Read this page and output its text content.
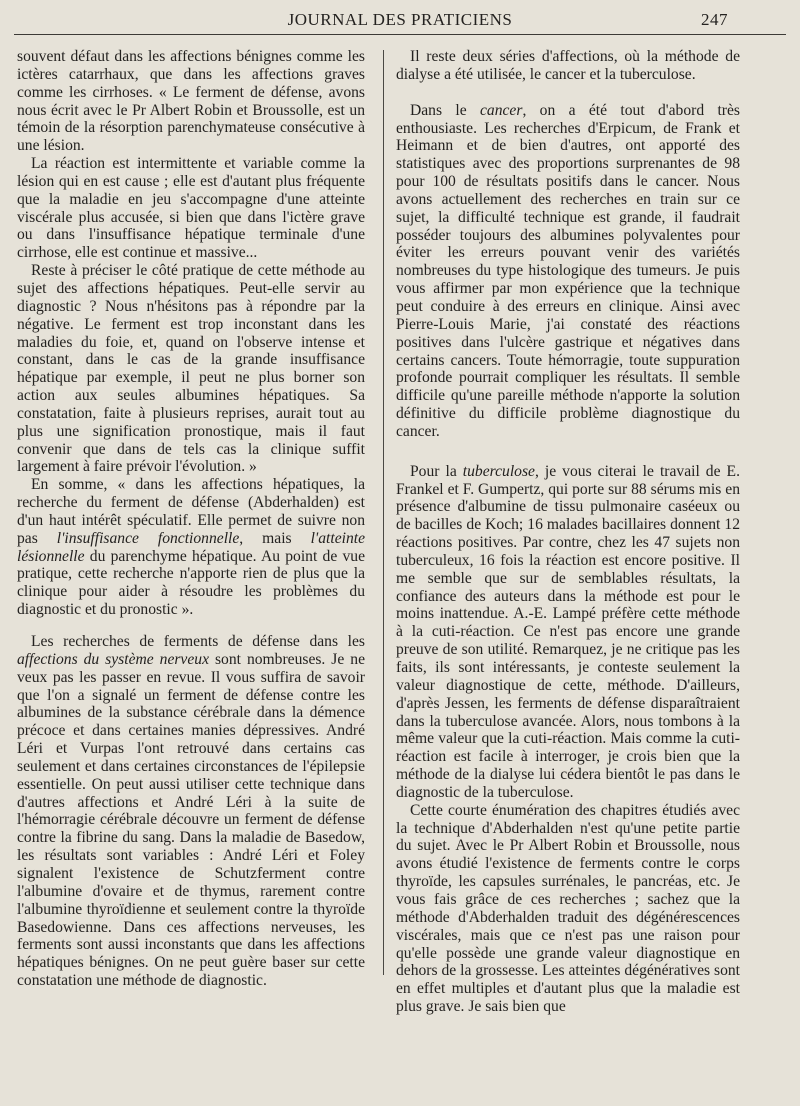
JOURNAL DES PRATICIENS	247

souvent défaut dans les affections bénignes comme les ictères catarrhaux, que dans les affections graves comme les cirrhoses. « Le ferment de défense, avons nous écrit avec le Pr Albert Robin et Broussolle, est un témoin de la résorption parenchymateuse consécutive à une lésion.

La réaction est intermittente et variable comme la lésion qui en est cause ; elle est d'autant plus fréquente que la maladie en jeu s'accompagne d'une atteinte viscérale plus accusée, si bien que dans l'ictère grave ou dans l'insuffisance hépatique terminale d'une cirrhose, elle est continue et massive...

Reste à préciser le côté pratique de cette méthode au sujet des affections hépatiques. Peut-elle servir au diagnostic ? Nous n'hésitons pas à répondre par la négative. Le ferment est trop inconstant dans les maladies du foie, et, quand on l'observe intense et constant, dans le cas de la grande insuffisance hépatique par exemple, il peut ne plus borner son action aux seules albumines hépatiques. Sa constatation, faite à plusieurs reprises, aurait tout au plus une signification pronostique, mais il faut convenir que dans de tels cas la clinique suffit largement à faire prévoir l'évolution. »

En somme, « dans les affections hépatiques, la recherche du ferment de défense (Abderhalden) est d'un haut intérêt spéculatif. Elle permet de suivre non pas l'insuffisance fonctionnelle, mais l'atteinte lésionnelle du parenchyme hépatique. Au point de vue pratique, cette recherche n'apporte rien de plus que la clinique pour aider à résoudre les problèmes du diagnostic et du pronostic ».

Les recherches de ferments de défense dans les affections du système nerveux sont nombreuses. Je ne veux pas les passer en revue. Il vous suffira de savoir que l'on a signalé un ferment de défense contre les albumines de la substance cérébrale dans la démence précoce et dans certaines manies dépressives. André Léri et Vurpas l'ont retrouvé dans certains cas seulement et dans certaines circonstances de l'épilepsie essentielle. On peut aussi utiliser cette technique dans d'autres affections et André Léri à la suite de l'hémorragie cérébrale découvre un ferment de défense contre la fibrine du sang. Dans la maladie de Basedow, les résultats sont variables : André Léri et Foley signalent l'existence de Schutzferment contre l'albumine d'ovaire et de thymus, rarement contre l'albumine thyroïdienne et seulement contre la thyroïde Basedowienne. Dans ces affections nerveuses, les ferments sont aussi inconstants que dans les affections hépatiques bénignes. On ne peut guère baser sur cette constatation une méthode de diagnostic.

Il reste deux séries d'affections, où la méthode de dialyse a été utilisée, le cancer et la tuberculose.

Dans le cancer, on a été tout d'abord très enthousiaste. Les recherches d'Erpicum, de Frank et Heimann et de bien d'autres, ont apporté des statistiques avec des proportions surprenantes de 98 pour 100 de résultats positifs dans le cancer. Nous avons actuellement des recherches en train sur ce sujet, la difficulté technique est grande, il faudrait posséder toujours des albumines polyvalentes pour éviter les erreurs pouvant venir des variétés nombreuses du type histologique des tumeurs. Je puis vous affirmer par mon expérience que la technique peut conduire à des erreurs en clinique. Ainsi avec Pierre-Louis Marie, j'ai constaté des réactions positives dans l'ulcère gastrique et négatives dans certains cancers. Toute hémorragie, toute suppuration profonde pourrait compliquer les résultats. Il semble difficile qu'une pareille méthode n'apporte la solution définitive du difficile problème diagnostique du cancer.

Pour la tuberculose, je vous citerai le travail de E. Frankel et F. Gumpertz, qui porte sur 88 sérums mis en présence d'albumine de tissu pulmonaire caséeux ou de bacilles de Koch; 16 malades bacillaires donnent 12 réactions positives. Par contre, chez les 47 sujets non tuberculeux, 16 fois la réaction est encore positive. Il me semble que sur de semblables résultats, la confiance des auteurs dans la méthode est pour le moins inattendue. A.-E. Lampé préfère cette méthode à la cuti-réaction. Ce n'est pas encore une grande preuve de son utilité. Remarquez, je ne critique pas les faits, ils sont intéressants, je conteste seulement la valeur diagnostique de cette, méthode. D'ailleurs, d'après Jessen, les ferments de défense disparaîtraient dans la tuberculose avancée. Alors, nous tombons à la même valeur que la cuti-réaction. Mais comme la cuti-réaction est facile à interroger, je crois bien que la méthode de la dialyse lui cédera bientôt le pas dans le diagnostic de la tuberculose.

Cette courte énumération des chapitres étudiés avec la technique d'Abderhalden n'est qu'une petite partie du sujet. Avec le Pr Albert Robin et Broussolle, nous avons étudié l'existence de ferments contre le corps thyroïde, les capsules surrénales, le pancréas, etc. Je vous fais grâce de ces recherches ; sachez que la méthode d'Abderhalden traduit des dégénérescences viscérales, mais que ce n'est pas une raison pour qu'elle possède une grande valeur diagnostique en dehors de la grossesse. Les atteintes dégénératives sont en effet multiples et d'autant plus que la maladie est plus grave. Je sais bien que
